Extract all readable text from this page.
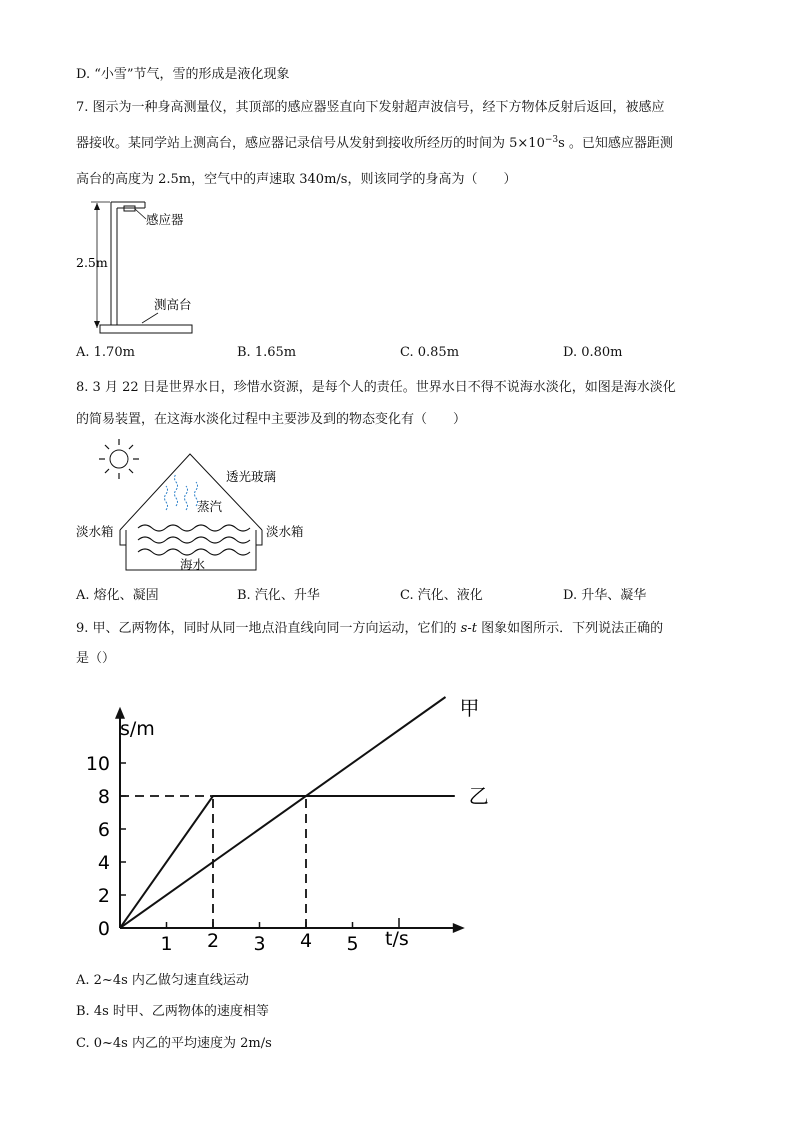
D. “小雪”节气，雪的形成是液化现象
7. 图示为一种身高测量仪，其顶部的感应器竖直向下发射超声波信号，经下方物体反射后返回，被感应
器接收。某同学站上测高台，感应器记录信号从发射到接收所经历的时间为 $5\times 10^{-3}s$ 。已知感应器距测
高台的高度为 2.5m，空气中的声速取 340m/s，则该同学的身高为（　　）
感应器
2.5m
测高台
A. 1.70m	B. 1.65m	C. 0.85m	D. 0.80m
8. 3 月 22 日是世界水日，珍惜水资源，是每个人的责任。世界水日不得不说海水淡化，如图是海水淡化
的简易装置，在这海水淡化过程中主要涉及到的物态变化有（　　）
透光玻璃
蒸汽
淡水箱	淡水箱
海水
A. 熔化、凝固	B. 汽化、升华	C. 汽化、液化	D. 升华、凝华
9. 甲、乙两物体，同时从同一地点沿直线向同一方向运动，它们的 s-t 图象如图所示．下列说法正确的
是（）
s/m
t/s
1 2 3 4 5
0
2
4
6
8
10
甲
乙
A. 2~4s 内乙做匀速直线运动
B. 4s 时甲、乙两物体的速度相等
C. 0~4s 内乙的平均速度为 2m/s
